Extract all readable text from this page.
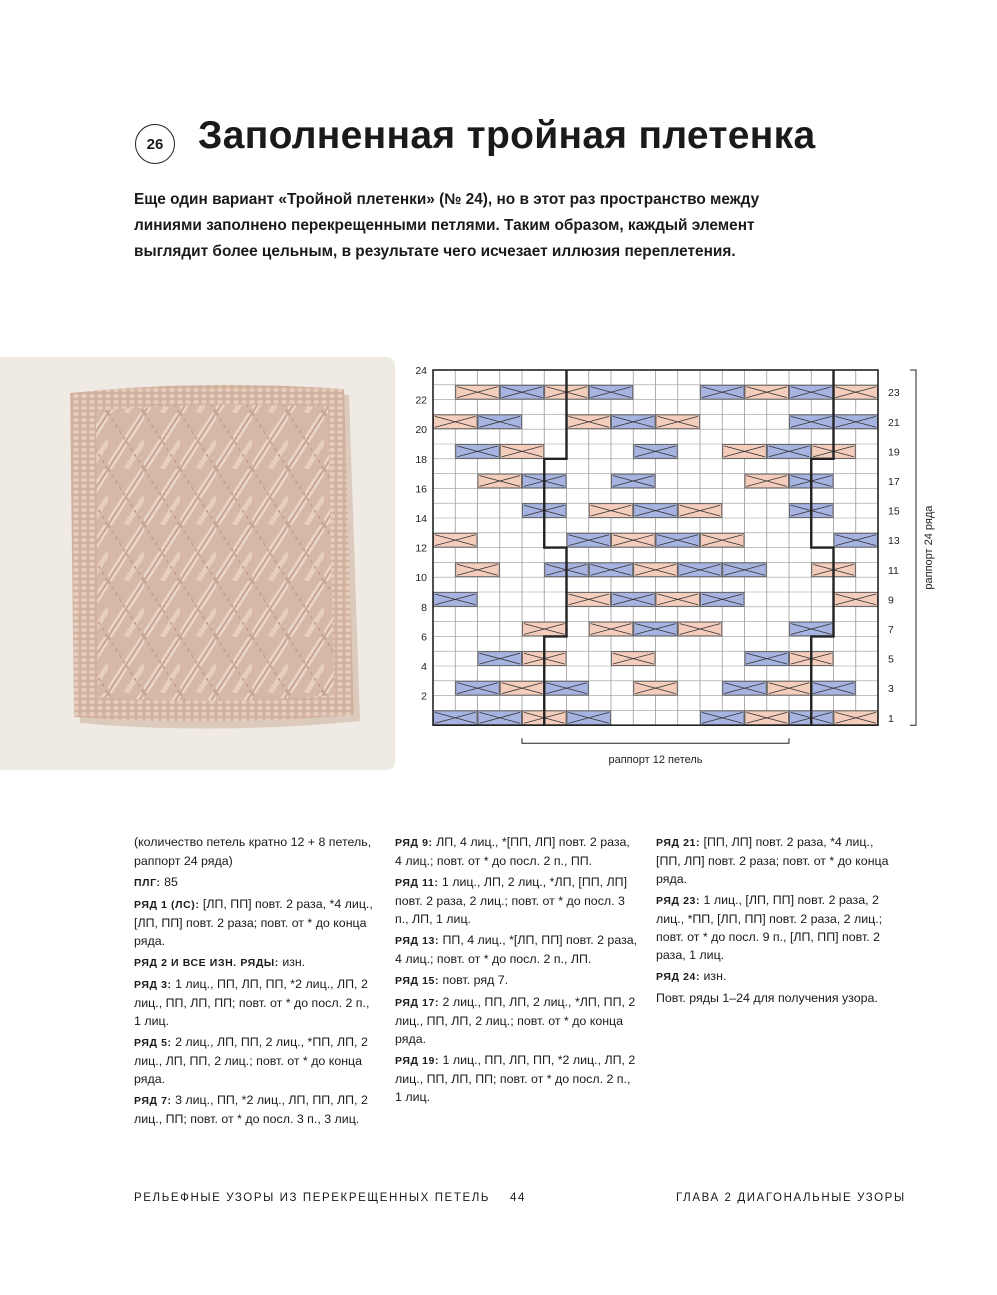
26 Заполненная тройная плетенка

Еще один вариант «Тройной плетенки» (№ 24), но в этот раз пространство между линиями заполнено перекрещенными петлями. Таким образом, каждый элемент выглядит более цельным, в результате чего исчезает иллюзия переплетения.

24
22
20
18
16
14
12
10
8
6
4
2
23
21
19
17
15
13
11
9
7
5
3
1
раппорт 24 ряда
раппорт 12 петель

(количество петель кратно 12 + 8 петель, раппорт 24 ряда)

ПЛГ: 85

РЯД 1 (ЛС): [ЛП, ПП] повт. 2 раза, *4 лиц., [ЛП, ПП] повт. 2 раза; повт. от * до конца ряда.

РЯД 2 И ВСЕ ИЗН. РЯДЫ: изн.

РЯД 3: 1 лиц., ПП, ЛП, ПП, *2 лиц., ЛП, 2 лиц., ПП, ЛП, ПП; повт. от * до посл. 2 п., 1 лиц.

РЯД 5: 2 лиц., ЛП, ПП, 2 лиц., *ПП, ЛП, 2 лиц., ЛП, ПП, 2 лиц.; повт. от * до конца ряда.

РЯД 7: 3 лиц., ПП, *2 лиц., ЛП, ПП, ЛП, 2 лиц., ПП; повт. от * до посл. 3 п., 3 лиц.

РЯД 9: ЛП, 4 лиц., *[ПП, ЛП] повт. 2 раза, 4 лиц.; повт. от * до посл. 2 п., ПП.

РЯД 11: 1 лиц., ЛП, 2 лиц., *ЛП, [ПП, ЛП] повт. 2 раза, 2 лиц.; повт. от * до посл. 3 п., ЛП, 1 лиц.

РЯД 13: ПП, 4 лиц., *[ЛП, ПП] повт. 2 раза, 4 лиц.; повт. от * до посл. 2 п., ЛП.

РЯД 15: повт. ряд 7.

РЯД 17: 2 лиц., ПП, ЛП, 2 лиц., *ЛП, ПП, 2 лиц., ПП, ЛП, 2 лиц.; повт. от * до конца ряда.

РЯД 19: 1 лиц., ПП, ЛП, ПП, *2 лиц., ЛП, 2 лиц., ПП, ЛП, ПП; повт. от * до посл. 2 п., 1 лиц.

РЯД 21: [ПП, ЛП] повт. 2 раза, *4 лиц., [ПП, ЛП] повт. 2 раза; повт. от * до конца ряда.

РЯД 23: 1 лиц., [ЛП, ПП] повт. 2 раза, 2 лиц., *ПП, [ЛП, ПП] повт. 2 раза, 2 лиц.; повт. от * до посл. 9 п., [ЛП, ПП] повт. 2 раза, 1 лиц.

РЯД 24: изн.

Повт. ряды 1–24 для получения узора.

РЕЛЬЕФНЫЕ УЗОРЫ ИЗ ПЕРЕКРЕЩЕННЫХ ПЕТЕЛЬ 44	ГЛАВА 2 ДИАГОНАЛЬНЫЕ УЗОРЫ
